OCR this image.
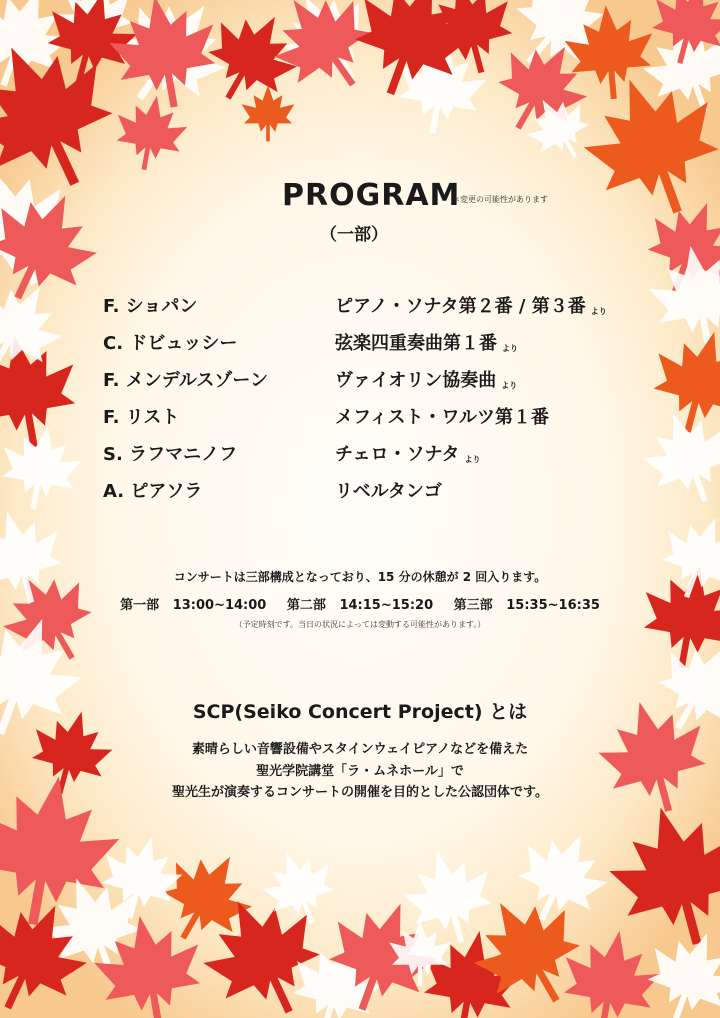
PROGRAM
＊変更の可能性があります
（一部）
F. ショパン	ピアノ・ソナタ第２番 / 第３番 より
C. ドビュッシー	弦楽四重奏曲第１番 より
F. メンデルスゾーン	ヴァイオリン協奏曲 より
F. リスト	メフィスト・ワルツ第１番
S. ラフマニノフ	チェロ・ソナタ より
A. ピアソラ	リベルタンゴ
コンサートは三部構成となっており、15 分の休憩が 2 回入ります。
第一部 13:00~14:00 第二部 14:15~15:20 第三部 15:35~16:35
（予定時刻です。当日の状況によっては変動する可能性があります。）
SCP(Seiko Concert Project) とは
素晴らしい音響設備やスタインウェイピアノなどを備えた
聖光学院講堂「ラ・ムネホール」で
聖光生が演奏するコンサートの開催を目的とした公認団体です。
